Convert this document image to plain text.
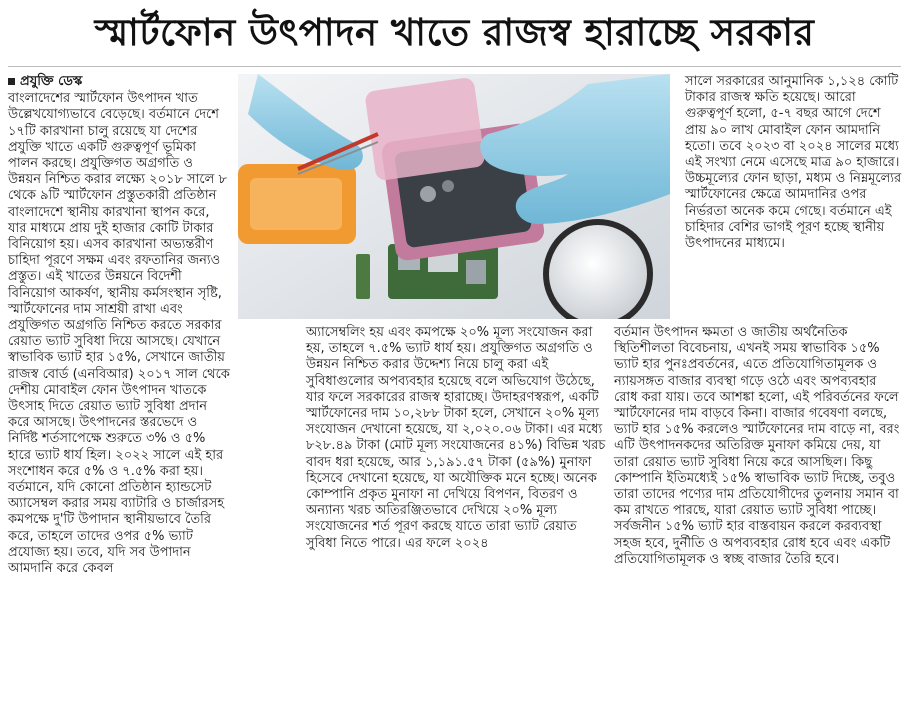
স্মার্টফোন উৎপাদন খাতে রাজস্ব হারাচ্ছে সরকার
প্রযুক্তি ডেস্ক

বাংলাদেশের স্মার্টফোন উৎপাদন খাত উল্লেখযোগ্যভাবে বেড়েছে। বর্তমানে দেশে ১৭টি কারখানা চালু রয়েছে যা দেশের প্রযুক্তি খাতে একটি গুরুত্বপূর্ণ ভূমিকা পালন করছে। প্রযুক্তিগত অগ্রগতি ও উন্নয়ন নিশ্চিত করার লক্ষ্যে ২০১৮ সালে ৮ থেকে ৯টি স্মার্টফোন প্রস্তুতকারী প্রতিষ্ঠান বাংলাদেশে স্থানীয় কারখানা স্থাপন করে, যার মাধ্যমে প্রায় দুই হাজার কোটি টাকার বিনিয়োগ হয়। এসব কারখানা অভ্যন্তরীণ চাহিদা পূরণে সক্ষম এবং রফতানির জন্যও প্রস্তুত। এই খাতের উন্নয়নে বিদেশী বিনিয়োগ আকর্ষণ, স্থানীয় কর্মসংস্থান সৃষ্টি, স্মার্টফোনের দাম সাশ্রয়ী রাখা এবং প্রযুক্তিগত অগ্রগতি নিশ্চিত করতে সরকার রেয়াত ভ্যাট সুবিধা দিয়ে আসছে। যেখানে স্বাভাবিক ভ্যাট হার ১৫%, সেখানে জাতীয় রাজস্ব বোর্ড (এনবিআর) ২০১৭ সাল থেকে দেশীয় মোবাইল ফোন উৎপাদন খাতকে উৎসাহ দিতে রেয়াত ভ্যাট সুবিধা প্রদান করে আসছে। উৎপাদনের স্তরভেদে ও নির্দিষ্ট শর্তসাপেক্ষে শুরুতে ৩% ও ৫% হারে ভ্যাট ধার্য হিল। ২০২২ সালে এই হার সংশোধন করে ৫% ও ৭.৫% করা হয়। বর্তমানে, যদি কোনো প্রতিষ্ঠান হ্যান্ডসেট অ্যাসেম্বল করার সময় ব্যাটারি ও চার্জারসহ কমপক্ষে দু'টি উপাদান স্থানীয়ভাবে তৈরি করে, তাহলে তাদের ওপর ৫% ভ্যাট প্রযোজ্য হয়। তবে, যদি সব উপাদান আমদানি করে কেবল

অ্যাসেম্বলিং হয় এবং কমপক্ষে ২০% মূল্য সংযোজন করা হয়, তাহলে ৭.৫% ভ্যাট ধার্য হয়। প্রযুক্তিগত অগ্রগতি ও উন্নয়ন নিশ্চিত করার উদ্দেশ্য নিয়ে চালু করা এই সুবিধাগুলোর অপব্যবহার হয়েছে বলে অভিযোগ উঠেছে, যার ফলে সরকারের রাজস্ব হারাচ্ছে। উদাহরণস্বরূপ, একটি স্মার্টফোনের দাম ১০,২৮৮ টাকা হলে, সেখানে ২০% মূল্য সংযোজন দেখানো হয়েছে, যা ২,০২০.০৬ টাকা। এর মধ্যে ৮২৮.৪৯ টাকা (মোট মূল্য সংযোজনের ৪১%) বিভিন্ন খরচ বাবদ ধরা হয়েছে, আর ১,১৯১.৫৭ টাকা (৫৯%) মুনাফা হিসেবে দেখানো হয়েছে, যা অযৌক্তিক মনে হচ্ছে। অনেক কোম্পানি প্রকৃত মুনাফা না দেখিয়ে বিপণন, বিতরণ ও অন্যান্য খরচ অতিরঞ্জিতভাবে দেখিয়ে ২০% মূল্য সংযোজনের শর্ত পূরণ করছে যাতে তারা ভ্যাট রেয়াত সুবিধা নিতে পারে। এর ফলে ২০২৪

সালে সরকারের আনুমানিক ১,১২৪ কোটি টাকার রাজস্ব ক্ষতি হয়েছে। আরো গুরুত্বপূর্ণ হলো, ৫-৭ বছর আগে দেশে প্রায় ৯০ লাখ মোবাইল ফোন আমদানি হতো। তবে ২০২৩ বা ২০২৪ সালের মধ্যে এই সংখ্যা নেমে এসেছে মাত্র ৯০ হাজারে। উচ্চমূল্যের ফোন ছাড়া, মধ্যম ও নিম্নমূল্যের স্মার্টফোনের ক্ষেত্রে আমদানির ওপর নির্ভরতা অনেক কমে গেছে। বর্তমানে এই চাহিদার বেশির ভাগই পূরণ হচ্ছে স্থানীয় উৎপাদনের মাধ্যমে।

বর্তমান উৎপাদন ক্ষমতা ও জাতীয় অর্থনৈতিক স্থিতিশীলতা বিবেচনায়, এখনই সময় স্বাভাবিক ১৫% ভ্যাট হার পুনঃপ্রবর্তনের, এতে প্রতিযোগিতামূলক ও ন্যায়সঙ্গত বাজার ব্যবস্থা গড়ে ওঠে এবং অপব্যবহার রোধ করা যায়। তবে আশঙ্কা হলো, এই পরিবর্তনের ফলে স্মার্টফোনের দাম বাড়বে কিনা। বাজার গবেষণা বলছে, ভ্যাট হার ১৫% করলেও স্মার্টফোনের দাম বাড়ে না, বরং এটি উৎপাদনকদের অতিরিক্ত মুনাফা কমিয়ে দেয়, যা তারা রেয়াত ভ্যাট সুবিধা নিয়ে করে আসছিল। কিছু কোম্পানি ইতিমধ্যেই ১৫% স্বাভাবিক ভ্যাট দিচ্ছে, তবুও তারা তাদের পণ্যের দাম প্রতিযোগীদের তুলনায় সমান বা কম রাখতে পারছে, যারা রেয়াত ভ্যাট সুবিধা পাচ্ছে। সর্বজনীন ১৫% ভ্যাট হার বাস্তবায়ন করলে করব্যবস্থা সহজ হবে, দুর্নীতি ও অপব্যবহার রোধ হবে এবং একটি প্রতিযোগিতামূলক ও স্বচ্ছ বাজার তৈরি হবে।
